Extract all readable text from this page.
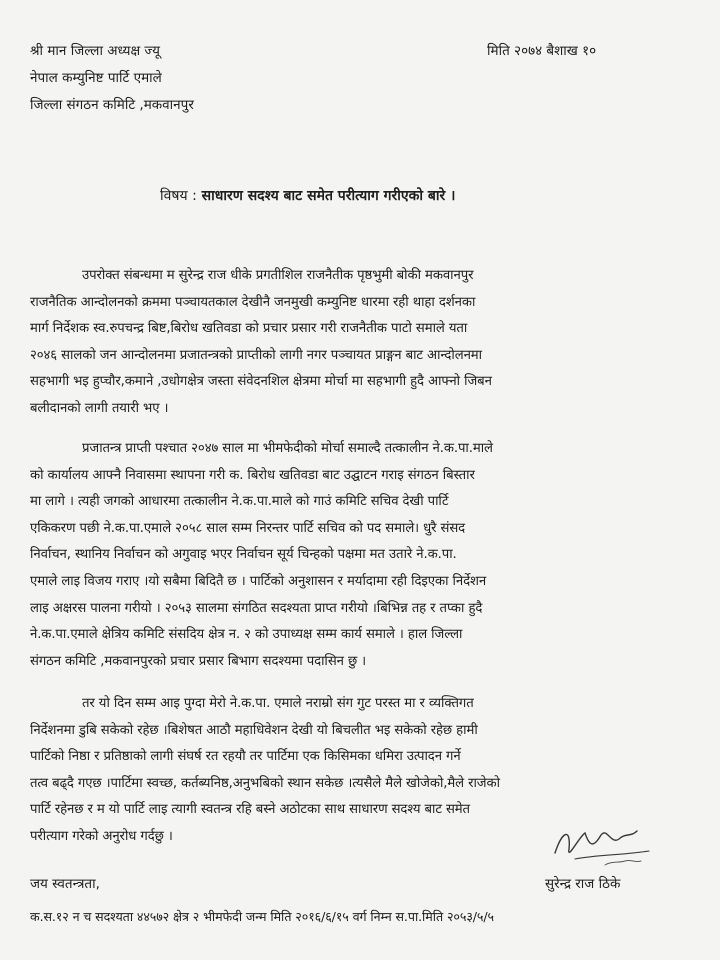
श्री मान जिल्ला अध्यक्ष ज्यू
नेपाल कम्युनिष्ट पार्टि एमाले
जिल्ला संगठन कमिटि ,मकवानपुर
मिति २०७४ बैशाख १०
विषय : साधारण सदश्य बाट समेत परीत्याग गरीएको बारे ।
उपरोक्त संबन्धमा म सुरेन्द्र राज धीके प्रगतीशिल राजनैतीक पृष्ठभुमी बोकी मकवानपुर
राजनैतिक आन्दोलनको क्रममा पञ्चायतकाल देखीनै जनमुखी कम्युनिष्ट धारमा रही थाहा दर्शनका
मार्ग निर्देशक स्व.रुपचन्द्र बिष्ट,बिरोध खतिवडा को प्रचार प्रसार गरी राजनैतीक पाटो समाले यता
२०४६ सालको जन आन्दोलनमा प्रजातन्त्रको प्राप्तीको लागी नगर पञ्चायत प्राङ्गन बाट आन्दोलनमा
सहभागी भइ हुप्चौर,कमाने ,उधोगक्षेत्र जस्ता संवेदनशिल क्षेत्रमा मोर्चा मा सहभागी हुदै आफ्नो जिबन
बलीदानको लागी तयारी भए ।
प्रजातन्त्र प्राप्ती पश्चात २०४७ साल मा भीमफेदीको मोर्चा समाल्दै तत्कालीन ने.क.पा.माले
को कार्यालय आफ्नै निवासमा स्थापना गरी क. बिरोध खतिवडा बाट उद्घाटन गराइ संगठन बिस्तार
मा लागे । त्यही जगको आधारमा तत्कालीन ने.क.पा.माले को गाउं कमिटि सचिव देखी पार्टि
एकिकरण पछी ने.क.पा.एमाले २०५८ साल सम्म निरन्तर पार्टि सचिव को पद समाले। धुरै संसद
निर्वाचन, स्थानिय निर्वाचन को अगुवाइ भएर निर्वाचन सूर्य चिन्हको पक्षमा मत उतारे ने.क.पा.
एमाले लाइ विजय गराए ।यो सबैमा बिदितै छ । पार्टिको अनुशासन र मर्यादामा रही दिइएका निर्देशन
लाइ अक्षरस पालना गरीयो । २०५३ सालमा संगठित सदश्यता प्राप्त गरीयो ।बिभिन्न तह र तप्का हुदै
ने.क.पा.एमाले क्षेत्रिय कमिटि संसदिय क्षेत्र न. २ को उपाध्यक्ष सम्म कार्य समाले । हाल जिल्ला
संगठन कमिटि ,मकवानपुरको प्रचार प्रसार बिभाग सदश्यमा पदासिन छु ।
तर यो दिन सम्म आइ पुग्दा मेरो ने.क.पा. एमाले नराम्रो संग गुट परस्त मा र व्यक्तिगत
निर्देशनमा डुबि सकेको रहेछ ।बिशेषत आठौ महाधिवेशन देखी यो बिचलीत भइ सकेको रहेछ हामी
पार्टिको निष्ठा र प्रतिष्ठाको लागी संघर्ष रत रहयौ तर पार्टिमा एक किसिमका धमिरा उत्पादन गर्ने
तत्व बढ्दै गएछ ।पार्टिमा स्वच्छ, कर्तब्यनिष्ठ,अनुभबिको स्थान सकेछ ।त्यसैले मैले खोजेको,मैले राजेको
पार्टि रहेनछ र म यो पार्टि लाइ त्यागी स्वतन्त्र रहि बस्ने अठोटका साथ साधारण सदश्य बाट समेत
परीत्याग गरेको अनुरोध गर्दछु ।
जय स्वतन्त्रता,	सुरेन्द्र राज ठिके
क.स.१२ न च सदश्यता ४४५७२ क्षेत्र २ भीमफेदी जन्म मिति २०१६/६/१५ वर्ग निम्न स.पा.मिति २०५३/५/५
